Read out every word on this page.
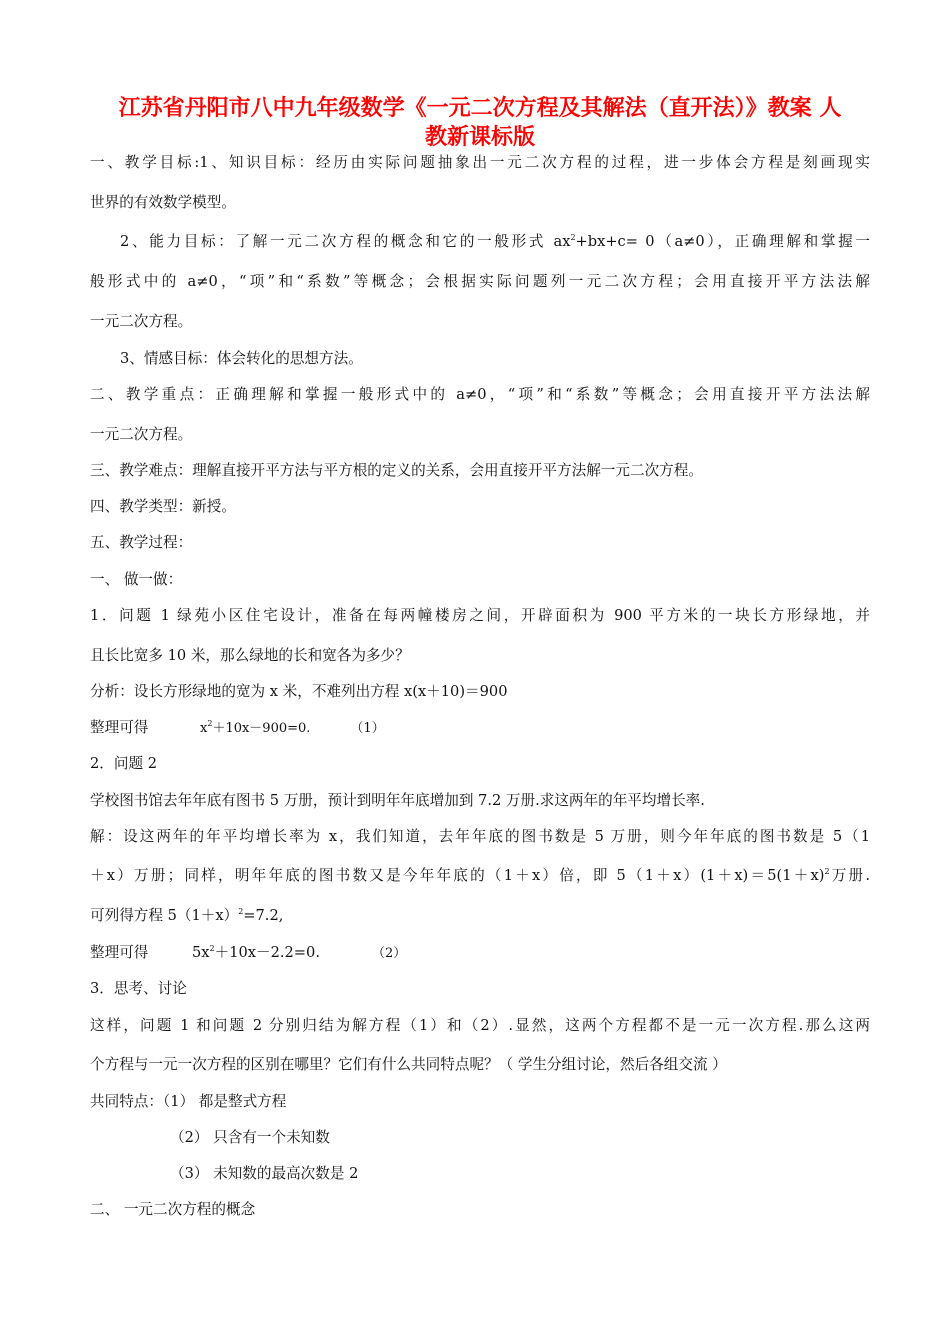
江苏省丹阳市八中九年级数学《一元二次方程及其解法（直开法）》教案 人
教新课标版
一、教学目标:1、知识目标：经历由实际问题抽象出一元二次方程的过程，进一步体会方程是刻画现实
世界的有效数学模型。
2、能力目标：了解一元二次方程的概念和它的一般形式 $ax^2+bx+c= 0(a\ne 0)$，正确理解和掌握一
般形式中的 a≠0，“项”和“系数”等概念；会根据实际问题列一元二次方程；会用直接开平方法法解
一元二次方程。
3、情感目标：体会转化的思想方法。
二、教学重点：正确理解和掌握一般形式中的 a≠0，“项”和“系数”等概念；会用直接开平方法法解
一元二次方程。
三、教学难点：理解直接开平方法与平方根的定义的关系，会用直接开平方法解一元二次方程。
四、教学类型：新授。
五、教学过程：
一、 做一做：
1．问题 1 绿苑小区住宅设计，准备在每两幢楼房之间，开辟面积为 900 平方米的一块长方形绿地，并
且长比宽多 10 米，那么绿地的长和宽各为多少？
分析：设长方形绿地的宽为 x 米，不难列出方程 x(x＋10)＝900
整理可得	$x^2+10x-900=0$.	（1）
2．问题 2
学校图书馆去年年底有图书 5 万册，预计到明年年底增加到 7.2 万册.求这两年的年平均增长率.
解：设这两年的年平均增长率为 x，我们知道，去年年底的图书数是 5 万册，则今年年底的图书数是 5（1
＋x）万册；同样，明年年底的图书数又是今年年底的（1＋x）倍，即 $5(1+x)(1+x)=5(1+x)^2$万册.
可列得方程 $5(1+x)^2=7.2$,
整理可得	$5x^2+10x-2.2=0$.	（2）
3．思考、讨论
这样，问题 1 和问题 2 分别归结为解方程（1）和（2）.显然，这两个方程都不是一元一次方程.那么这两
个方程与一元一次方程的区别在哪里？它们有什么共同特点呢？（ 学生分组讨论，然后各组交流 ）
共同特点：（1） 都是整式方程
（2） 只含有一个未知数
（3） 未知数的最高次数是 2
二、 一元二次方程的概念
